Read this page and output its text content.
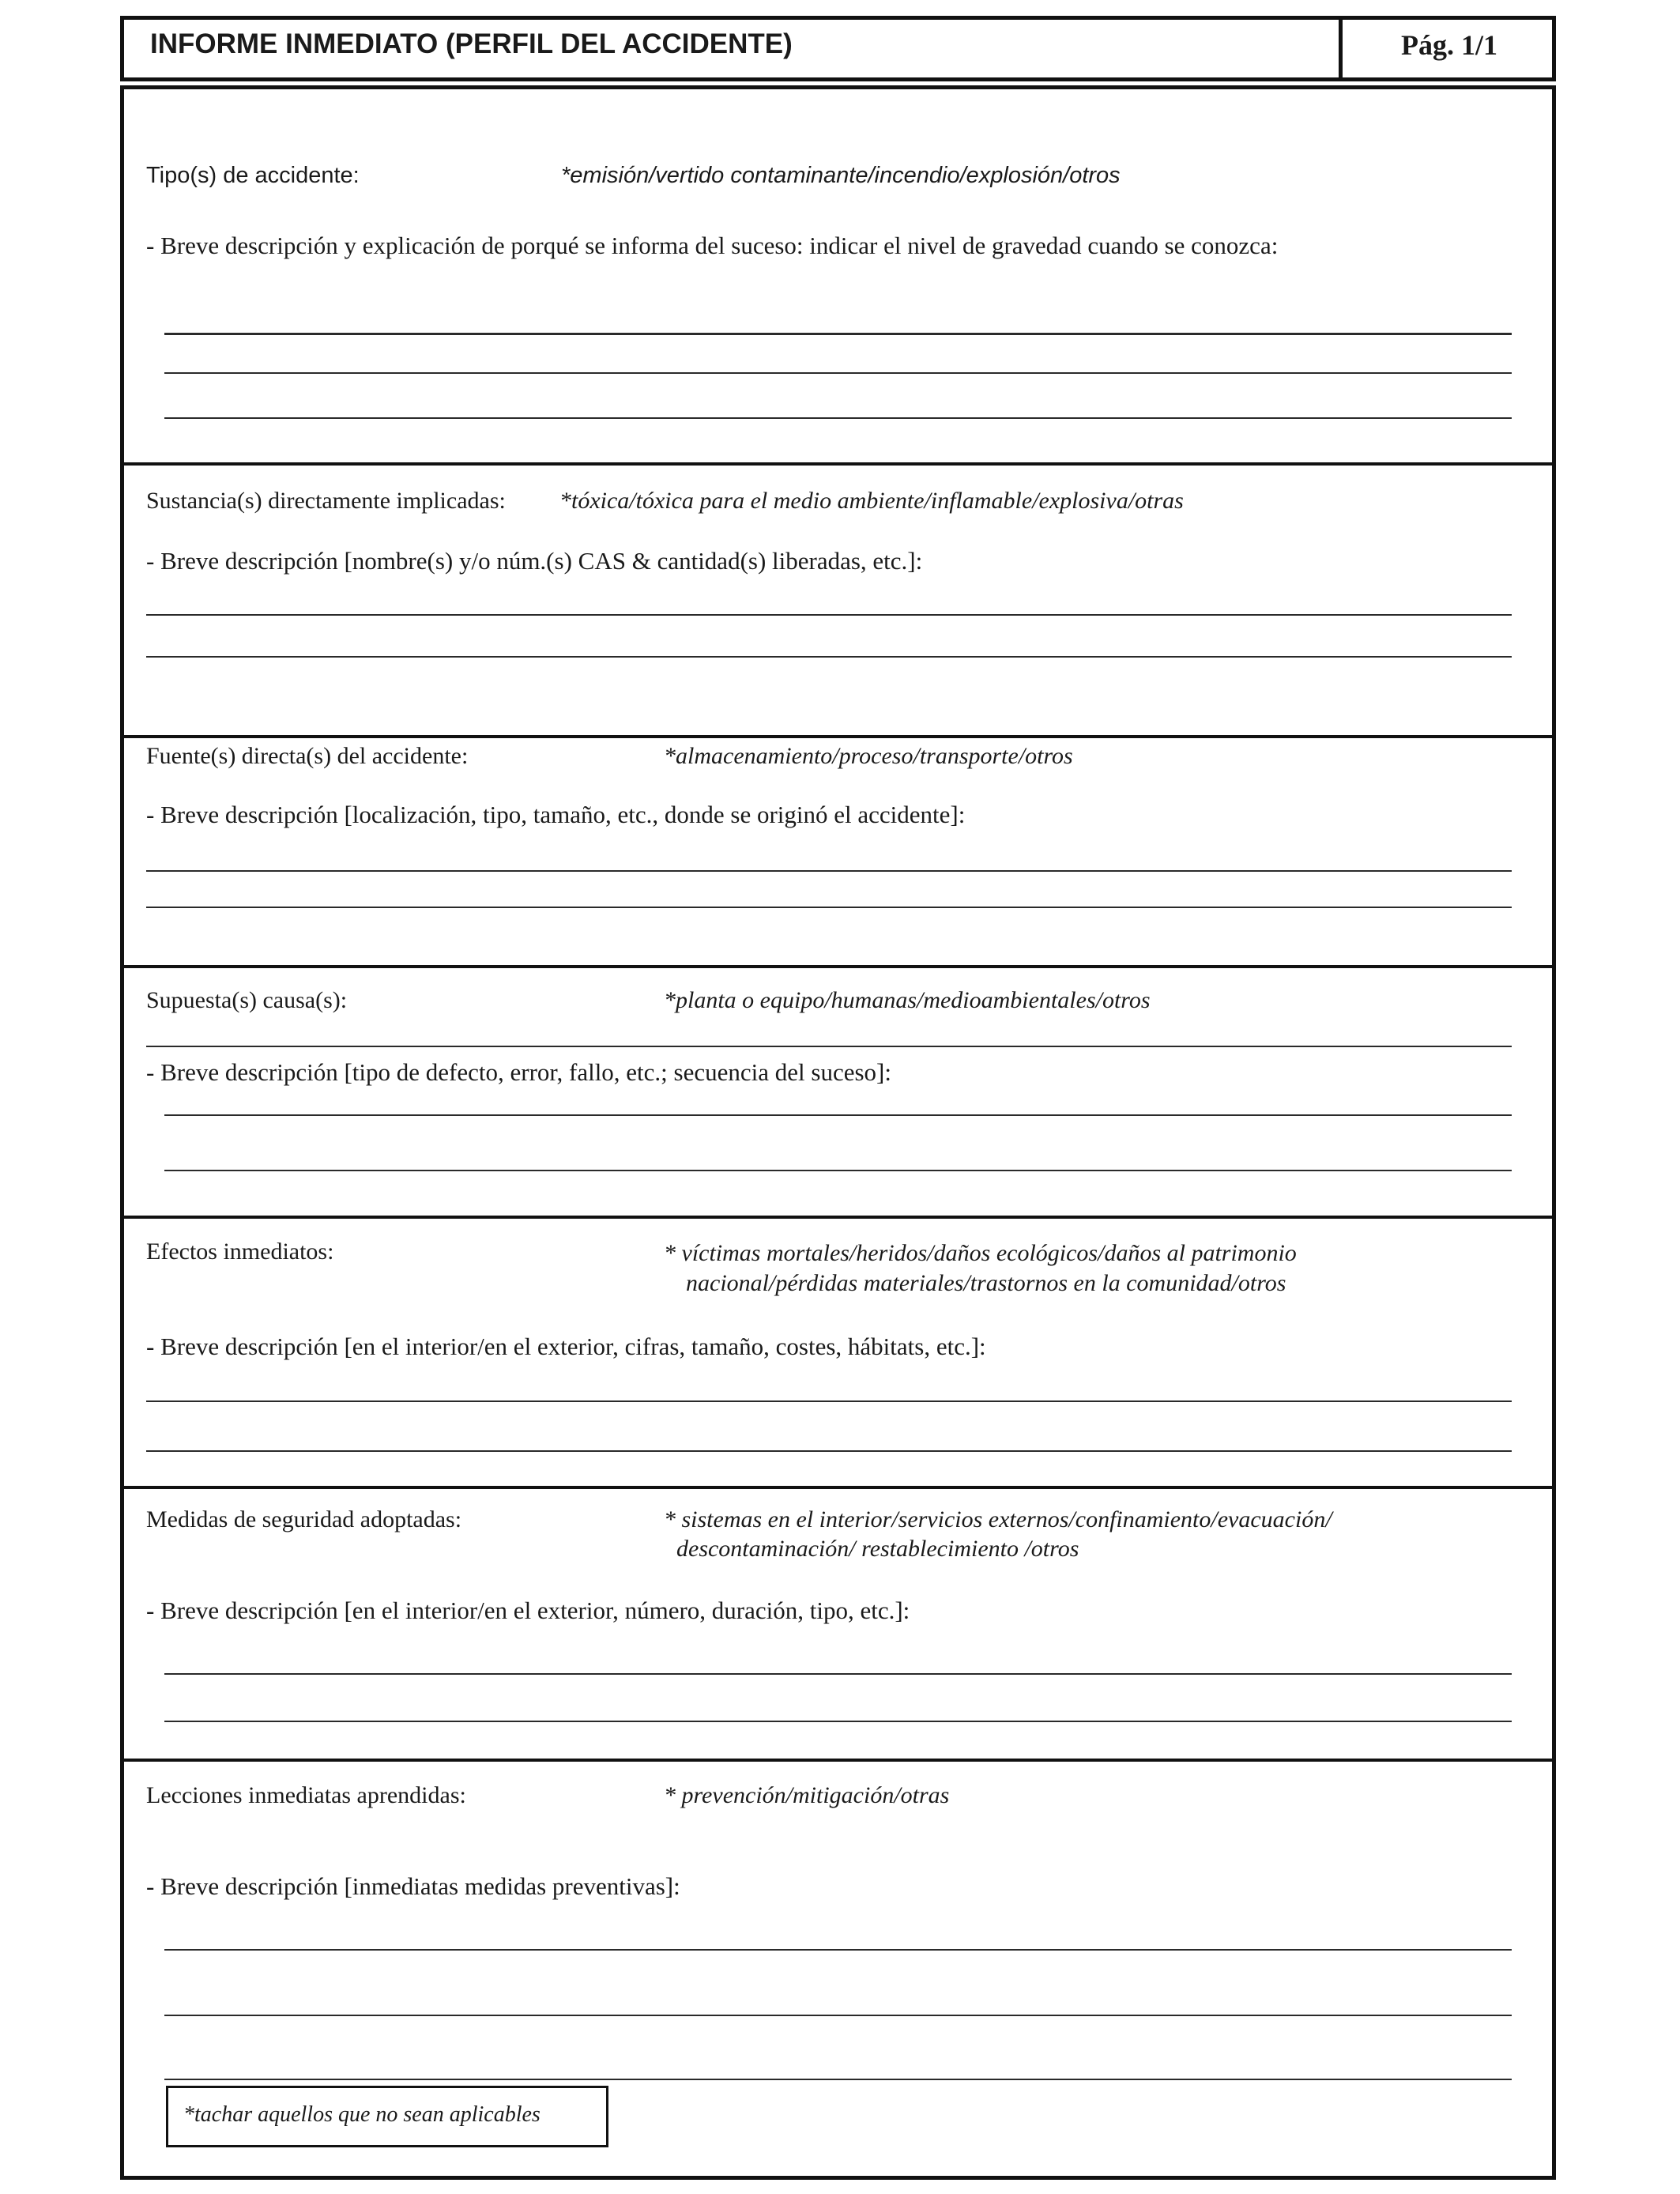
INFORME INMEDIATO (PERFIL DEL ACCIDENTE)	Pág. 1/1
Tipo(s) de accidente:	*emisión/vertido contaminante/incendio/explosión/otros
- Breve descripción y explicación de porqué se informa del suceso: indicar el nivel de gravedad cuando se conozca:
Sustancia(s) directamente implicadas: *tóxica/tóxica para el medio ambiente/inflamable/explosiva/otras
- Breve descripción [nombre(s) y/o núm.(s) CAS & cantidad(s) liberadas, etc.]:
Fuente(s) directa(s) del accidente:	*almacenamiento/proceso/transporte/otros
- Breve descripción [localización, tipo, tamaño, etc., donde se originó el accidente]:
Supuesta(s) causa(s):	*planta o equipo/humanas/medioambientales/otros
- Breve descripción [tipo de defecto, error, fallo, etc.; secuencia del suceso]:
Efectos inmediatos:	* víctimas mortales/heridos/daños ecológicos/daños al patrimonio
nacional/pérdidas materiales/trastornos en la comunidad/otros
- Breve descripción [en el interior/en el exterior, cifras, tamaño, costes, hábitats, etc.]:
Medidas de seguridad adoptadas:	* sistemas en el interior/servicios externos/confinamiento/evacuación/
descontaminación/ restablecimiento /otros
- Breve descripción [en el interior/en el exterior, número, duración, tipo, etc.]:
Lecciones inmediatas aprendidas:	* prevención/mitigación/otras
- Breve descripción [inmediatas medidas preventivas]:
*tachar aquellos que no sean aplicables
